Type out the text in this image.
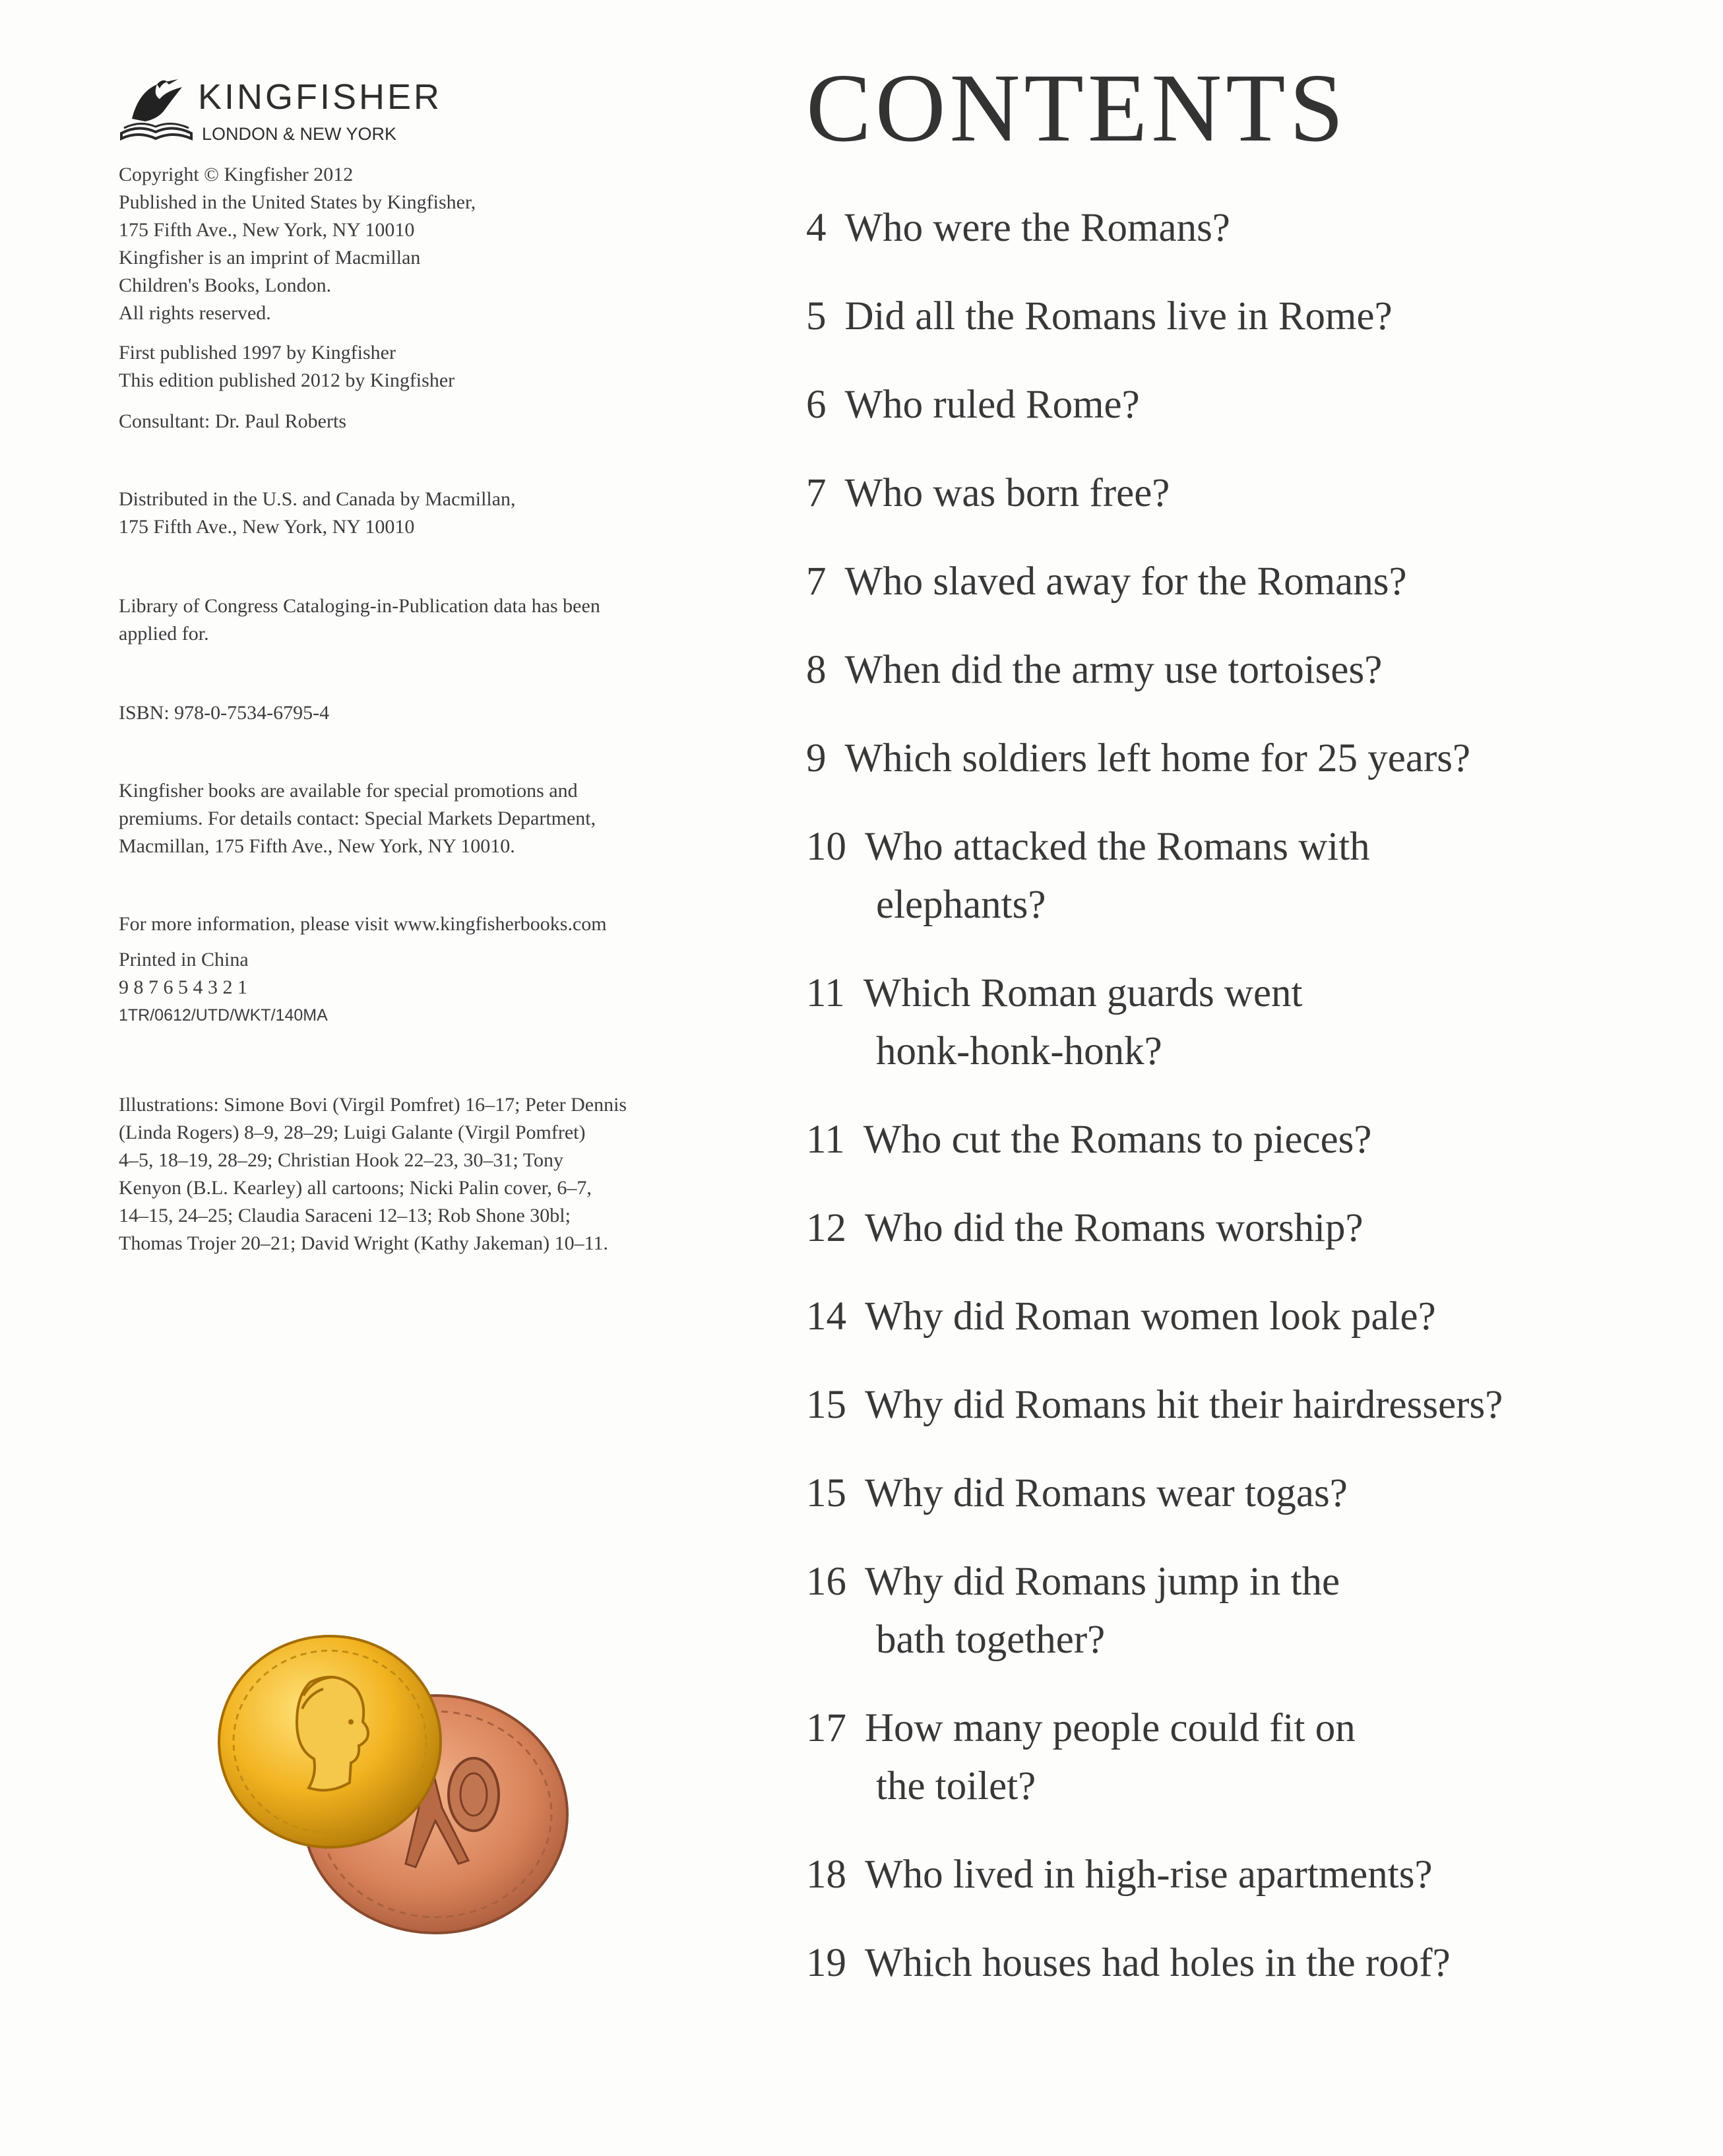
KINGFISHER
LONDON & NEW YORK

Copyright © Kingfisher 2012

Published in the United States by Kingfisher,

175 Fifth Ave., New York, NY 10010

Kingfisher is an imprint of Macmillan

Children's Books, London.

All rights reserved.

First published 1997 by Kingfisher

This edition published 2012 by Kingfisher

Consultant: Dr. Paul Roberts

Distributed in the U.S. and Canada by Macmillan,

175 Fifth Ave., New York, NY 10010

Library of Congress Cataloging-in-Publication data has been

applied for.

ISBN: 978-0-7534-6795-4

Kingfisher books are available for special promotions and

premiums. For details contact: Special Markets Department,

Macmillan, 175 Fifth Ave., New York, NY 10010.

For more information, please visit www.kingfisherbooks.com

Printed in China

9 8 7 6 5 4 3 2 1

1TR/0612/UTD/WKT/140MA

Illustrations: Simone Bovi (Virgil Pomfret) 16–17; Peter Dennis

(Linda Rogers) 8–9, 28–29; Luigi Galante (Virgil Pomfret)

4–5, 18–19, 28–29; Christian Hook 22–23, 30–31; Tony

Kenyon (B.L. Kearley) all cartoons; Nicki Palin cover, 6–7,

14–15, 24–25; Claudia Saraceni 12–13; Rob Shone 30bl;

Thomas Trojer 20–21; David Wright (Kathy Jakeman) 10–11.

CONTENTS
4 Who were the Romans?
5 Did all the Romans live in Rome?
6 Who ruled Rome?
7 Who was born free?
7 Who slaved away for the Romans?
8 When did the army use tortoises?
9 Which soldiers left home for 25 years?
10 Who attacked the Romans with
elephants?
11 Which Roman guards went
honk-honk-honk?
11 Who cut the Romans to pieces?
12 Who did the Romans worship?
14 Why did Roman women look pale?
15 Why did Romans hit their hairdressers?
15 Why did Romans wear togas?
16 Why did Romans jump in the
bath together?
17 How many people could fit on
the toilet?
18 Who lived in high-rise apartments?
19 Which houses had holes in the roof?
